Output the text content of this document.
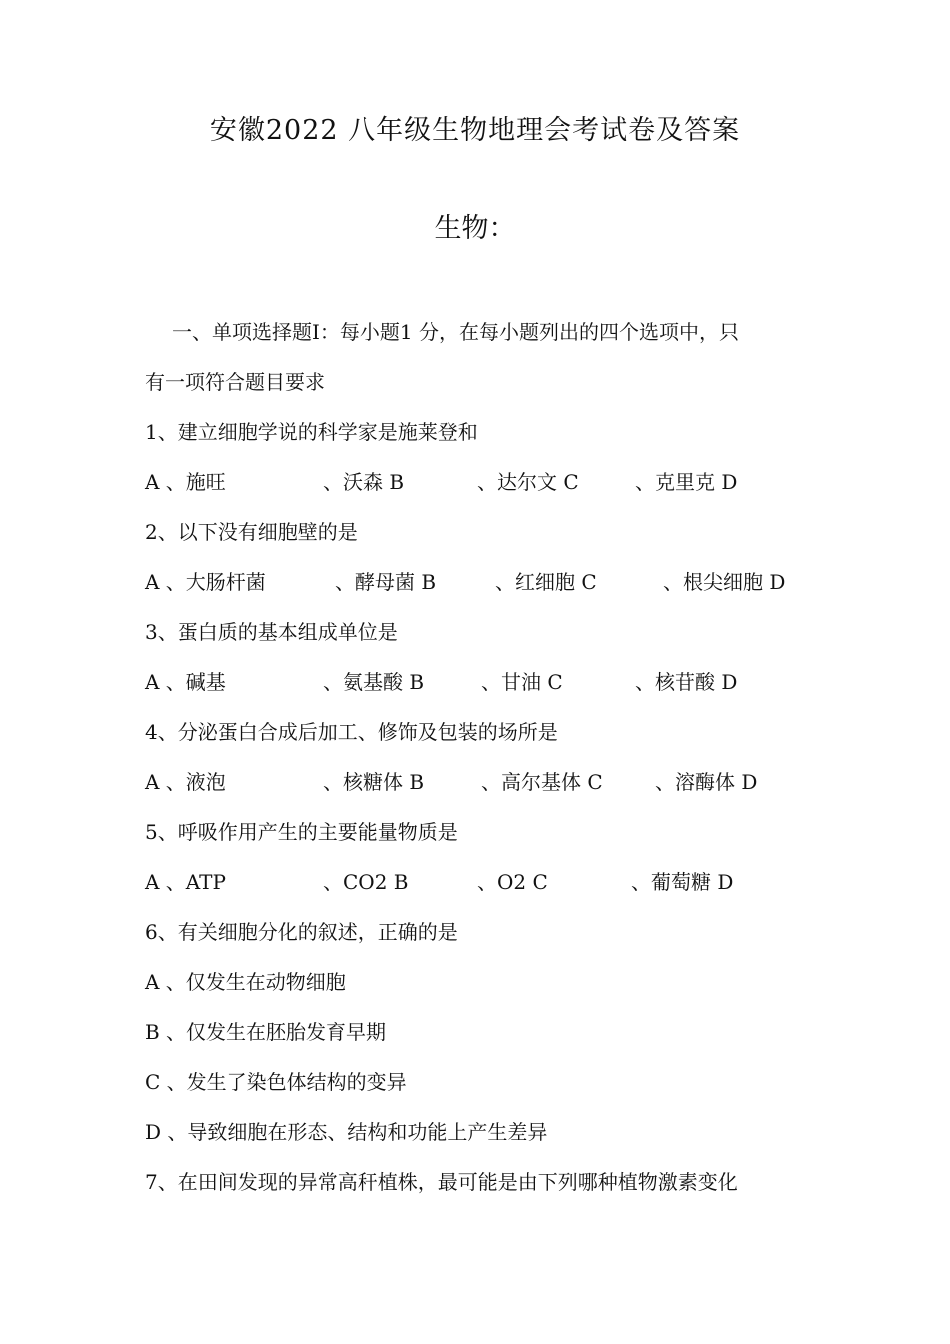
安徽2022 八年级生物地理会考试卷及答案
生物：
一、单项选择题Ⅰ：每小题1 分，在每小题列出的四个选项中，只
有一项符合题目要求
1、建立细胞学说的科学家是施莱登和
A 、施旺	、沃森 B	、达尔文 C	、克里克 D
2、以下没有细胞壁的是
A 、大肠杆菌	、酵母菌 B	、红细胞 C	、根尖细胞 D
3、蛋白质的基本组成单位是
A 、碱基	、氨基酸 B	、甘油 C	、核苷酸 D
4、分泌蛋白合成后加工、修饰及包装的场所是
A 、液泡	、核糖体 B	、高尔基体 C	、溶酶体 D
5、呼吸作用产生的主要能量物质是
A 、ATP	、CO2 B	、O2 C	、葡萄糖 D
6、有关细胞分化的叙述，正确的是
A 、仅发生在动物细胞
B 、仅发生在胚胎发育早期
C 、发生了染色体结构的变异
D 、导致细胞在形态、结构和功能上产生差异
7、在田间发现的异常高秆植株，最可能是由下列哪种植物激素变化
